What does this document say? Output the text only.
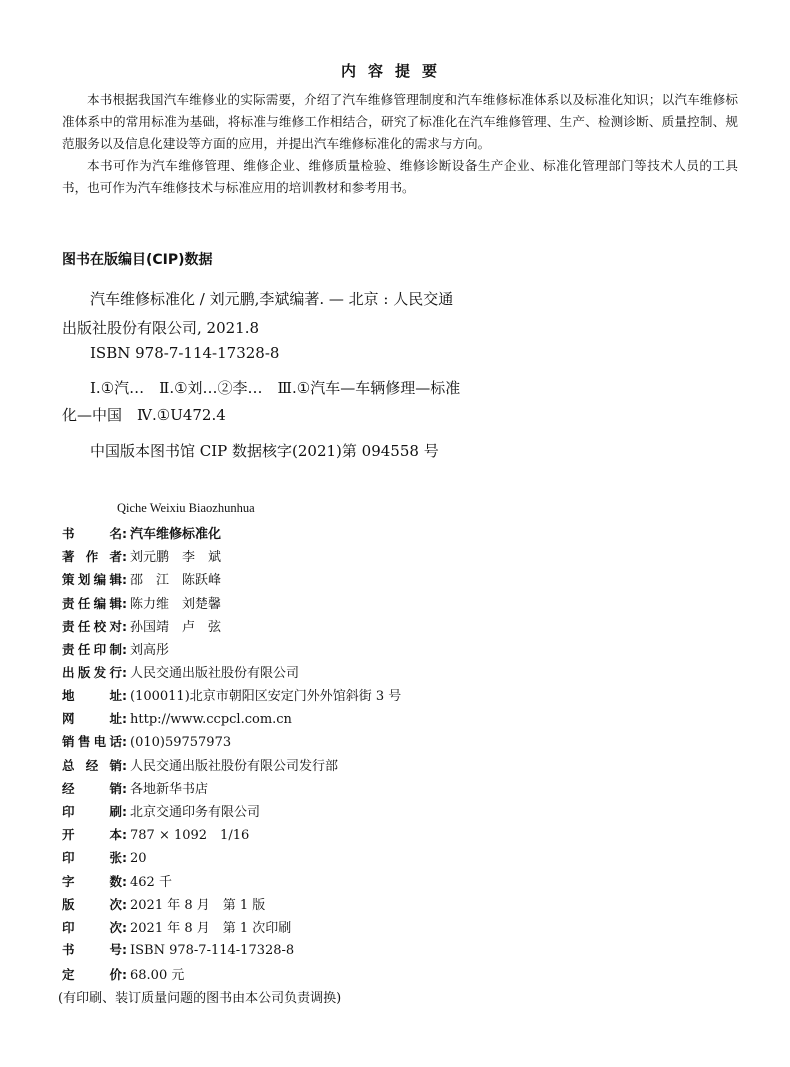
内容提要
本书根据我国汽车维修业的实际需要，介绍了汽车维修管理制度和汽车维修标准体系以及标准化知识；以汽车维修标准体系中的常用标准为基础，将标准与维修工作相结合，研究了标准化在汽车维修管理、生产、检测诊断、质量控制、规范服务以及信息化建设等方面的应用，并提出汽车维修标准化的需求与方向。
本书可作为汽车维修管理、维修企业、维修质量检验、维修诊断设备生产企业、标准化管理部门等技术人员的工具书，也可作为汽车维修技术与标准应用的培训教材和参考用书。
图书在版编目(CIP)数据
汽车维修标准化 / 刘元鹏,李斌编著. — 北京 : 人民交通
出版社股份有限公司, 2021.8
ISBN 978-7-114-17328-8
Ⅰ.①汽…　Ⅱ.①刘…②李…　Ⅲ.①汽车—车辆修理—标准
化—中国　Ⅳ.①U472.4
中国版本图书馆 CIP 数据核字(2021)第 094558 号
Qiche Weixiu Biaozhunhua
书名 : 汽车维修标准化
著作者 : 刘元鹏　李　斌
策划编辑 : 邵　江　陈跃峰
责任编辑 : 陈力维　刘楚馨
责任校对 : 孙国靖　卢　弦
责任印制 : 刘高彤
出版发行 : 人民交通出版社股份有限公司
地址 : (100011)北京市朝阳区安定门外外馆斜街 3 号
网址 : http://www.ccpcl.com.cn
销售电话 : (010)59757973
总经销 : 人民交通出版社股份有限公司发行部
经销 : 各地新华书店
印刷 : 北京交通印务有限公司
开本 : 787 × 1092　1/16
印张 : 20
字数 : 462 千
版次 : 2021 年 8 月　第 1 版
印次 : 2021 年 8 月　第 1 次印刷
书号 : ISBN 978-7-114-17328-8
定价 : 68.00 元
(有印刷、装订质量问题的图书由本公司负责调换)
